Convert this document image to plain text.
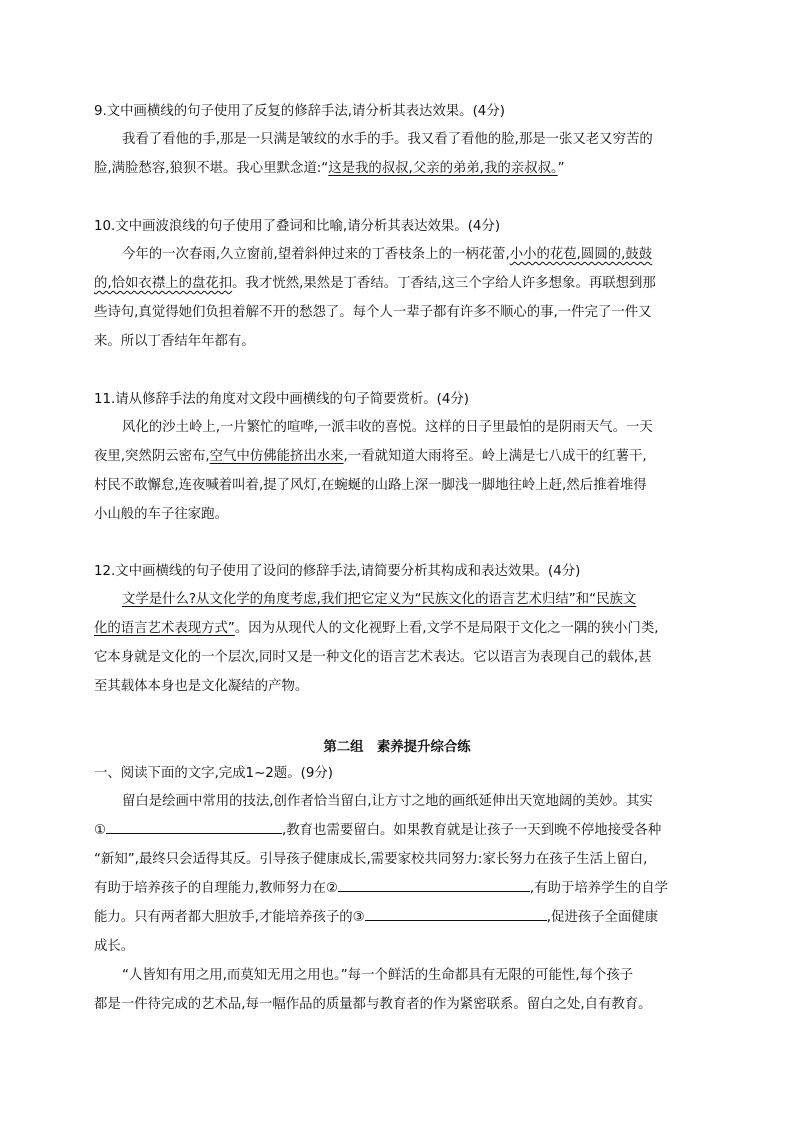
9.文中画横线的句子使用了反复的修辞手法,请分析其表达效果。(4分)
我看了看他的手,那是一只满是皱纹的水手的手。我又看了看他的脸,那是一张又老又穷苦的
脸,满脸愁容,狼狈不堪。我心里默念道:“这是我的叔叔,父亲的弟弟,我的亲叔叔。”
10.文中画波浪线的句子使用了叠词和比喻,请分析其表达效果。(4分)
今年的一次春雨,久立窗前,望着斜伸过来的丁香枝条上的一柄花蕾,小小的花苞,圆圆的,鼓鼓
的,恰如衣襟上的盘花扣。我才恍然,果然是丁香结。丁香结,这三个字给人许多想象。再联想到那
些诗句,真觉得她们负担着解不开的愁怨了。每个人一辈子都有许多不顺心的事,一件完了一件又
来。所以丁香结年年都有。
11.请从修辞手法的角度对文段中画横线的句子简要赏析。(4分)
风化的沙土岭上,一片繁忙的喧哗,一派丰收的喜悦。这样的日子里最怕的是阴雨天气。一天
夜里,突然阴云密布,空气中仿佛能挤出水来,一看就知道大雨将至。岭上满是七八成干的红薯干,
村民不敢懈怠,连夜喊着叫着,提了风灯,在蜿蜒的山路上深一脚浅一脚地往岭上赶,然后推着堆得
小山般的车子往家跑。
12.文中画横线的句子使用了设问的修辞手法,请简要分析其构成和表达效果。(4分)
文学是什么?从文化学的角度考虑,我们把它定义为“民族文化的语言艺术归结”和“民族文
化的语言艺术表现方式”。因为从现代人的文化视野上看,文学不是局限于文化之一隅的狭小门类,
它本身就是文化的一个层次,同时又是一种文化的语言艺术表达。它以语言为表现自己的载体,甚
至其载体本身也是文化凝结的产物。
第二组　素养提升综合练
一、阅读下面的文字,完成1~2题。(9分)
留白是绘画中常用的技法,创作者恰当留白,让方寸之地的画纸延伸出天宽地阔的美妙。其实
①	,教育也需要留白。如果教育就是让孩子一天到晚不停地接受各种
“新知”,最终只会适得其反。引导孩子健康成长,需要家校共同努力:家长努力在孩子生活上留白,
有助于培养孩子的自理能力,教师努力在②	,有助于培养学生的自学
能力。只有两者都大胆放手,才能培养孩子的③	,促进孩子全面健康
成长。
“人皆知有用之用,而莫知无用之用也。”每一个鲜活的生命都具有无限的可能性,每个孩子
都是一件待完成的艺术品,每一幅作品的质量都与教育者的作为紧密联系。留白之处,自有教育。
